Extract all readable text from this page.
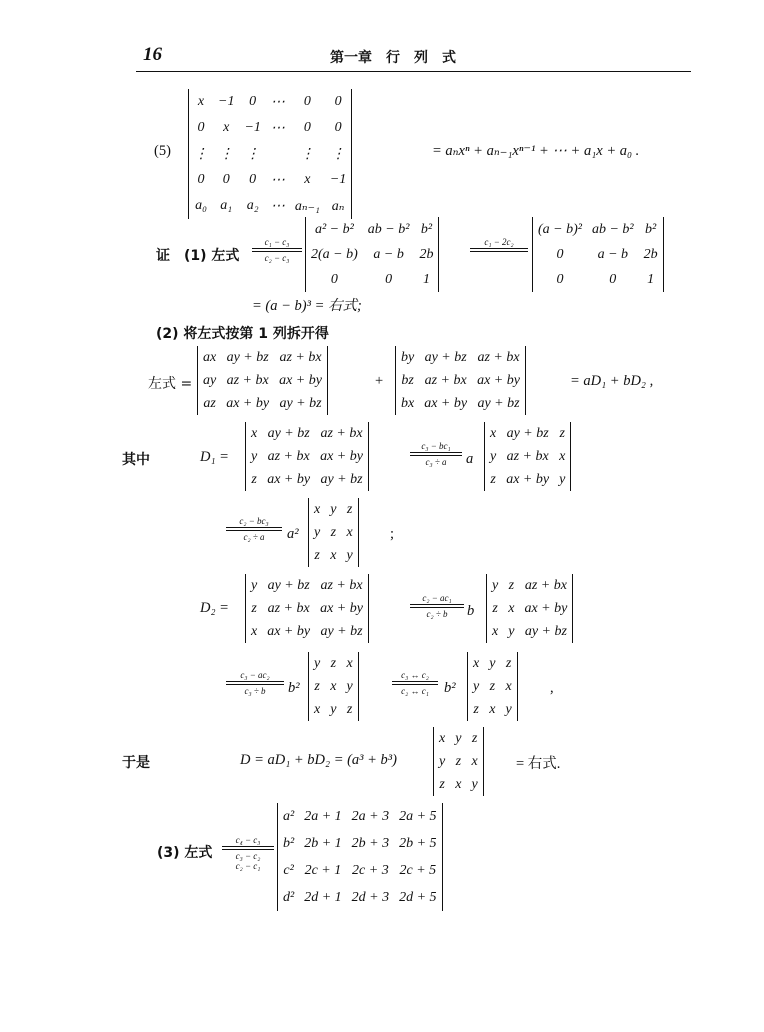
16	第一章　行　列　式
(5)
x	−1	0	⋯	0	0
0	x	−1	⋯	0	0
⋮	⋮	⋮		⋮	⋮
0	0	0	⋯	x	−1
a₀	a₁	a₂	⋯	aₙ₋₁	aₙ
= aₙxⁿ + aₙ₋₁xⁿ⁻¹ + ⋯ + a₁x + a₀ .
证　(1) 左式
c₁ − c₃
c₂ − c₃
a² − b²	ab − b²	b²
2(a − b)	a − b	2b
0	0	1
c₁ − 2c₂
(a − b)²	ab − b²	b²
0	a − b	2b
0	0	1
= (a − b)³ = 右式;
(2) 将左式按第 1 列拆开得
左式 =
ax	ay + bz	az + bx
ay	az + bx	ax + by
az	ax + by	ay + bz
+
by	ay + bz	az + bx
bz	az + bx	ax + by
bx	ax + by	ay + bz
= aD₁ + bD₂ ,
其中	D₁ =
x	ay + bz	az + bx
y	az + bx	ax + by
z	ax + by	ay + bz
c₃ − bc₁
c₃ ÷ a	a
x	ay + bz	z
y	az + bx	x
z	ax + by	y
c₂ − bc₃
c₂ ÷ a	a²
x	y	z
y	z	x
z	x	y
;
D₂ =
y	ay + bz	az + bx
z	az + bx	ax + by
x	ax + by	ay + bz
c₂ − ac₁
c₂ ÷ b	b
y	z	az + bx
z	x	ax + by
x	y	ay + bz
c₃ − ac₂
c₃ ÷ b	b²
y	z	x
z	x	y
x	y	z
c₃ ↔ c₂
c₂ ↔ c₁	b²
x	y	z
y	z	x
z	x	y
,
于是	D = aD₁ + bD₂ = (a³ + b³)
x	y	z
y	z	x
z	x	y
= 右式.
(3) 左式
c₄ − c₃
c₃ − c₂
c₂ − c₁
a²	2a + 1	2a + 3	2a + 5
b²	2b + 1	2b + 3	2b + 5
c²	2c + 1	2c + 3	2c + 5
d²	2d + 1	2d + 3	2d + 5
